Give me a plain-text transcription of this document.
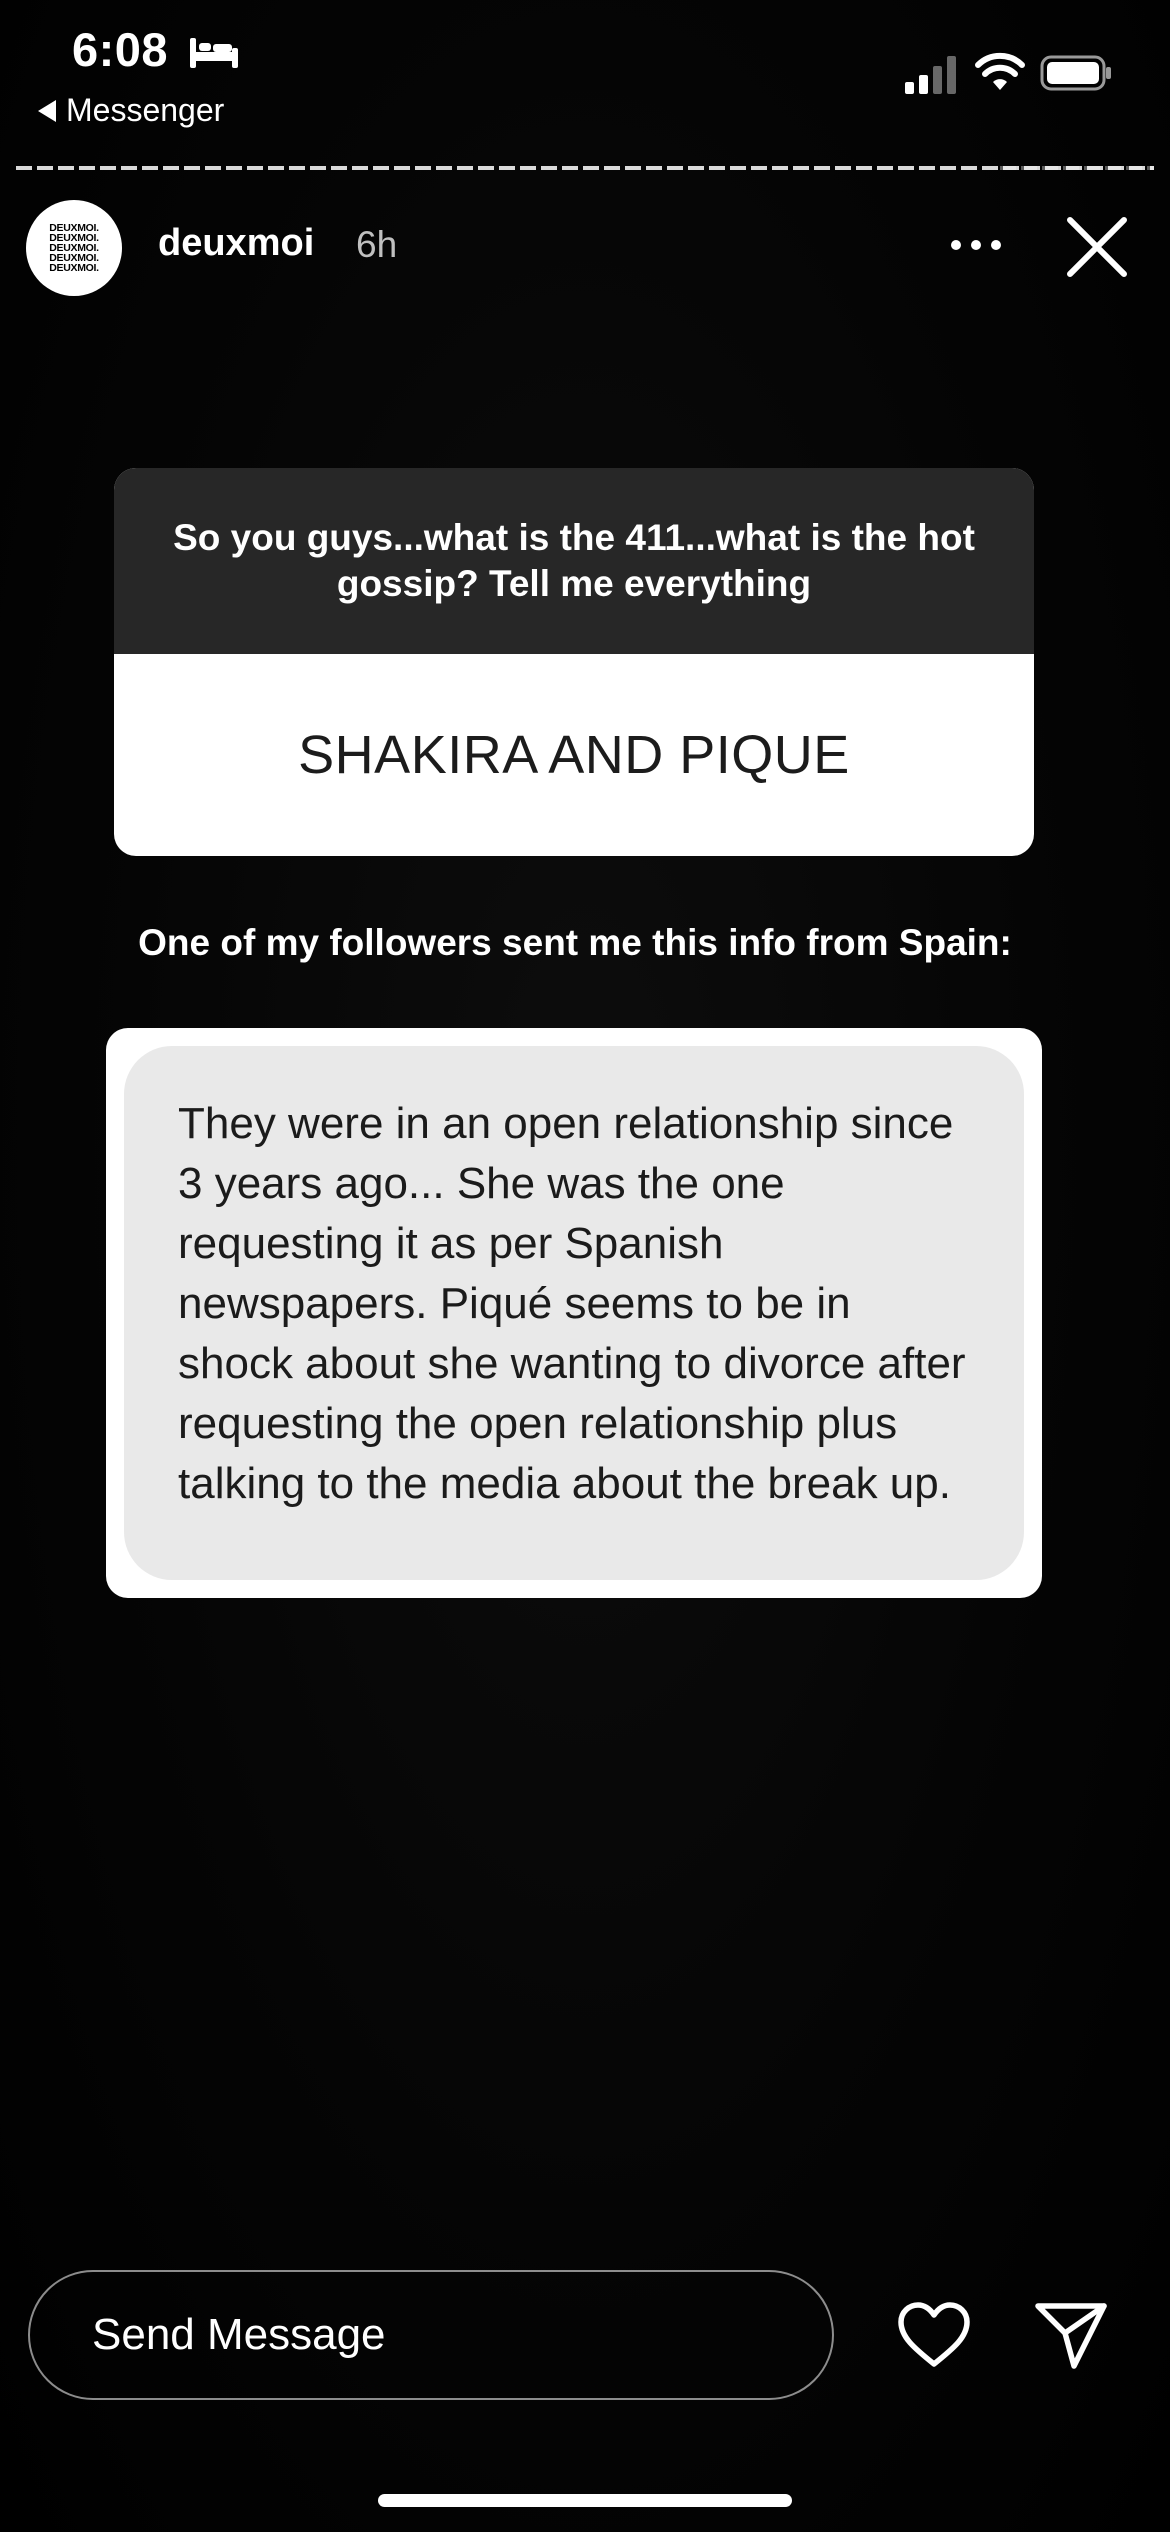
6:08
Messenger
DEUXMOI.
DEUXMOI.
DEUXMOI.
DEUXMOI.
DEUXMOI.
deuxmoi 6h
So you guys...what is the 411...what is the hot gossip? Tell me everything
SHAKIRA AND PIQUE
One of my followers sent me this info from Spain:
They were in an open relationship since 3 years ago... She was the one requesting it as per Spanish newspapers. Piqué seems to be in shock about she wanting to divorce after requesting the open relationship plus talking to the media about the break up.
Send Message
